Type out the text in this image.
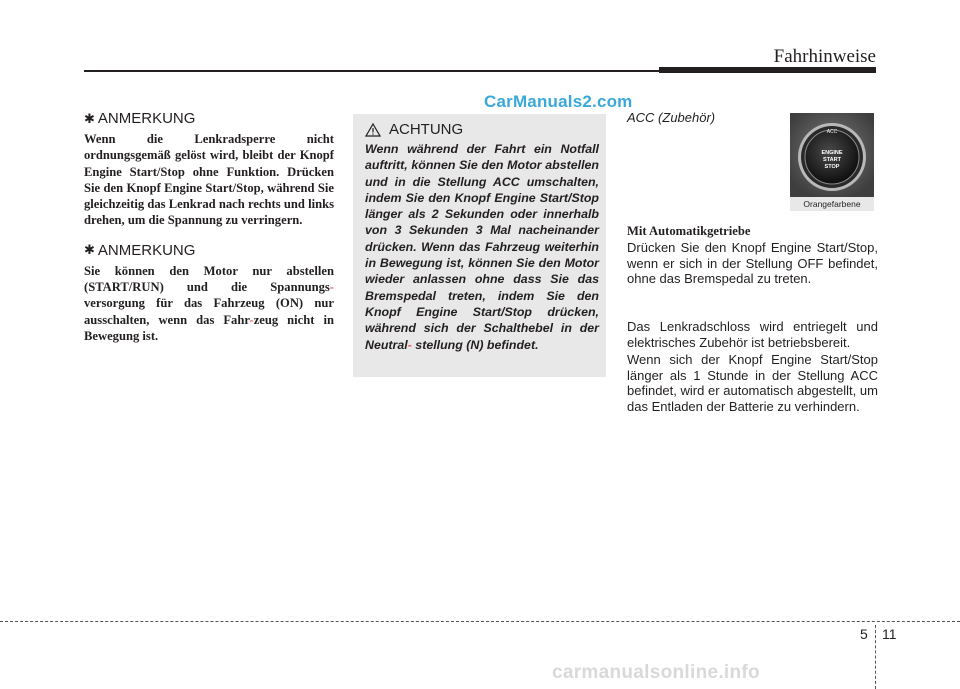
Fahrhinweise
CarManuals2.com
✱ ANMERKUNG

Wenn die Lenkradsperre nicht ordnungsgemäß gelöst wird, bleibt der Knopf Engine Start/Stop ohne Funktion. Drücken Sie den Knopf Engine Start/Stop, während Sie gleichzeitig das Lenkrad nach rechts und links drehen, um die Spannung zu verringern.

✱ ANMERKUNG

Sie können den Motor nur abstellen (START/RUN) und die Spannungs- versorgung für das Fahrzeug (ON) nur ausschalten, wenn das Fahr-zeug nicht in Bewegung ist.

ACHTUNG

Wenn während der Fahrt ein Notfall auftritt, können Sie den Motor abstellen und in die Stellung ACC umschalten, indem Sie den Knopf Engine Start/Stop länger als 2 Sekunden oder innerhalb von 3 Sekunden 3 Mal nacheinander drücken. Wenn das Fahrzeug weiterhin in Bewegung ist, können Sie den Motor wieder anlassen ohne dass Sie das Bremspedal treten, indem Sie den Knopf Engine Start/Stop drücken, während sich der Schalthebel in der Neutral- stellung (N) befindet.

ACC (Zubehör)

ACC
ENGINE
START
STOP
Orangefarbene
Mit Automatikgetriebe

Drücken Sie den Knopf Engine Start/Stop, wenn er sich in der Stellung OFF befindet, ohne das Bremspedal zu treten.

Das Lenkradschloss wird entriegelt und elektrisches Zubehör ist betriebsbereit.

Wenn sich der Knopf Engine Start/Stop länger als 1 Stunde in der Stellung ACC befindet, wird er automatisch abgestellt, um das Entladen der Batterie zu verhindern.

5 11
carmanualsonline.info
